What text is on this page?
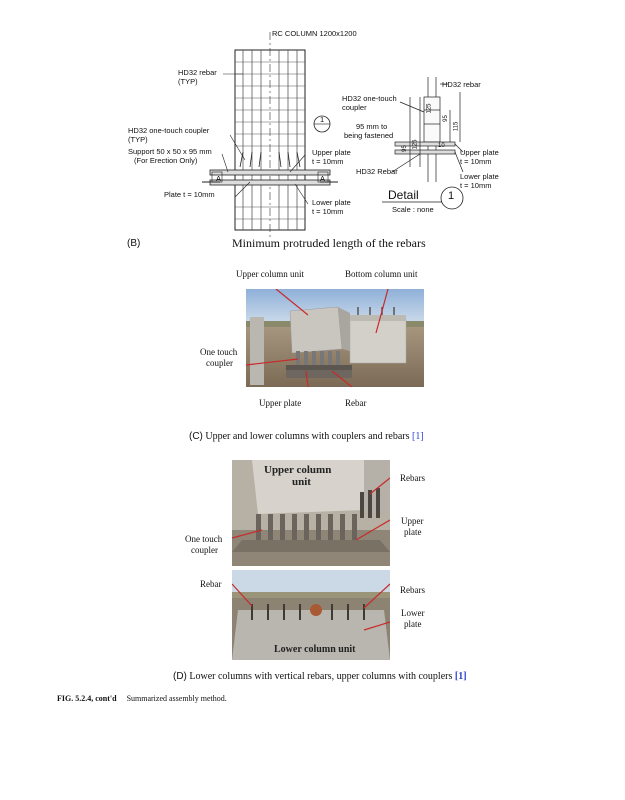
RC COLUMN 1200x1200
HD32 rebar
(TYP)
HD32 one-touch coupler
(TYP)
Support 50 x 50 x 95 mm
(For Erection Only)
A	A
Plate t = 10mm
Upper plate
t = 10mm
Lower plate
t = 10mm
1
HD32 rebar
HD32 one-touch
coupler
95 mm to
being fastened
Upper plate
t = 10mm
HD32 Rebar
Lower plate
t = 10mm
125
95
115
125
95	10
Detail	1
Scale : none
(B)	Minimum protruded length of the rebars
Upper column unit	Bottom column unit
One touch
coupler
Upper plate	Rebar
(C) Upper and lower columns with couplers and rebars [1]
Upper column
unit	Rebars
Upper
plate
One touch
coupler
Lower column unit
Rebar
Rebars
Lower
plate
(D) Lower columns with vertical rebars, upper columns with couplers [1]
FIG. 5.2.4, cont'd Summarized assembly method.
